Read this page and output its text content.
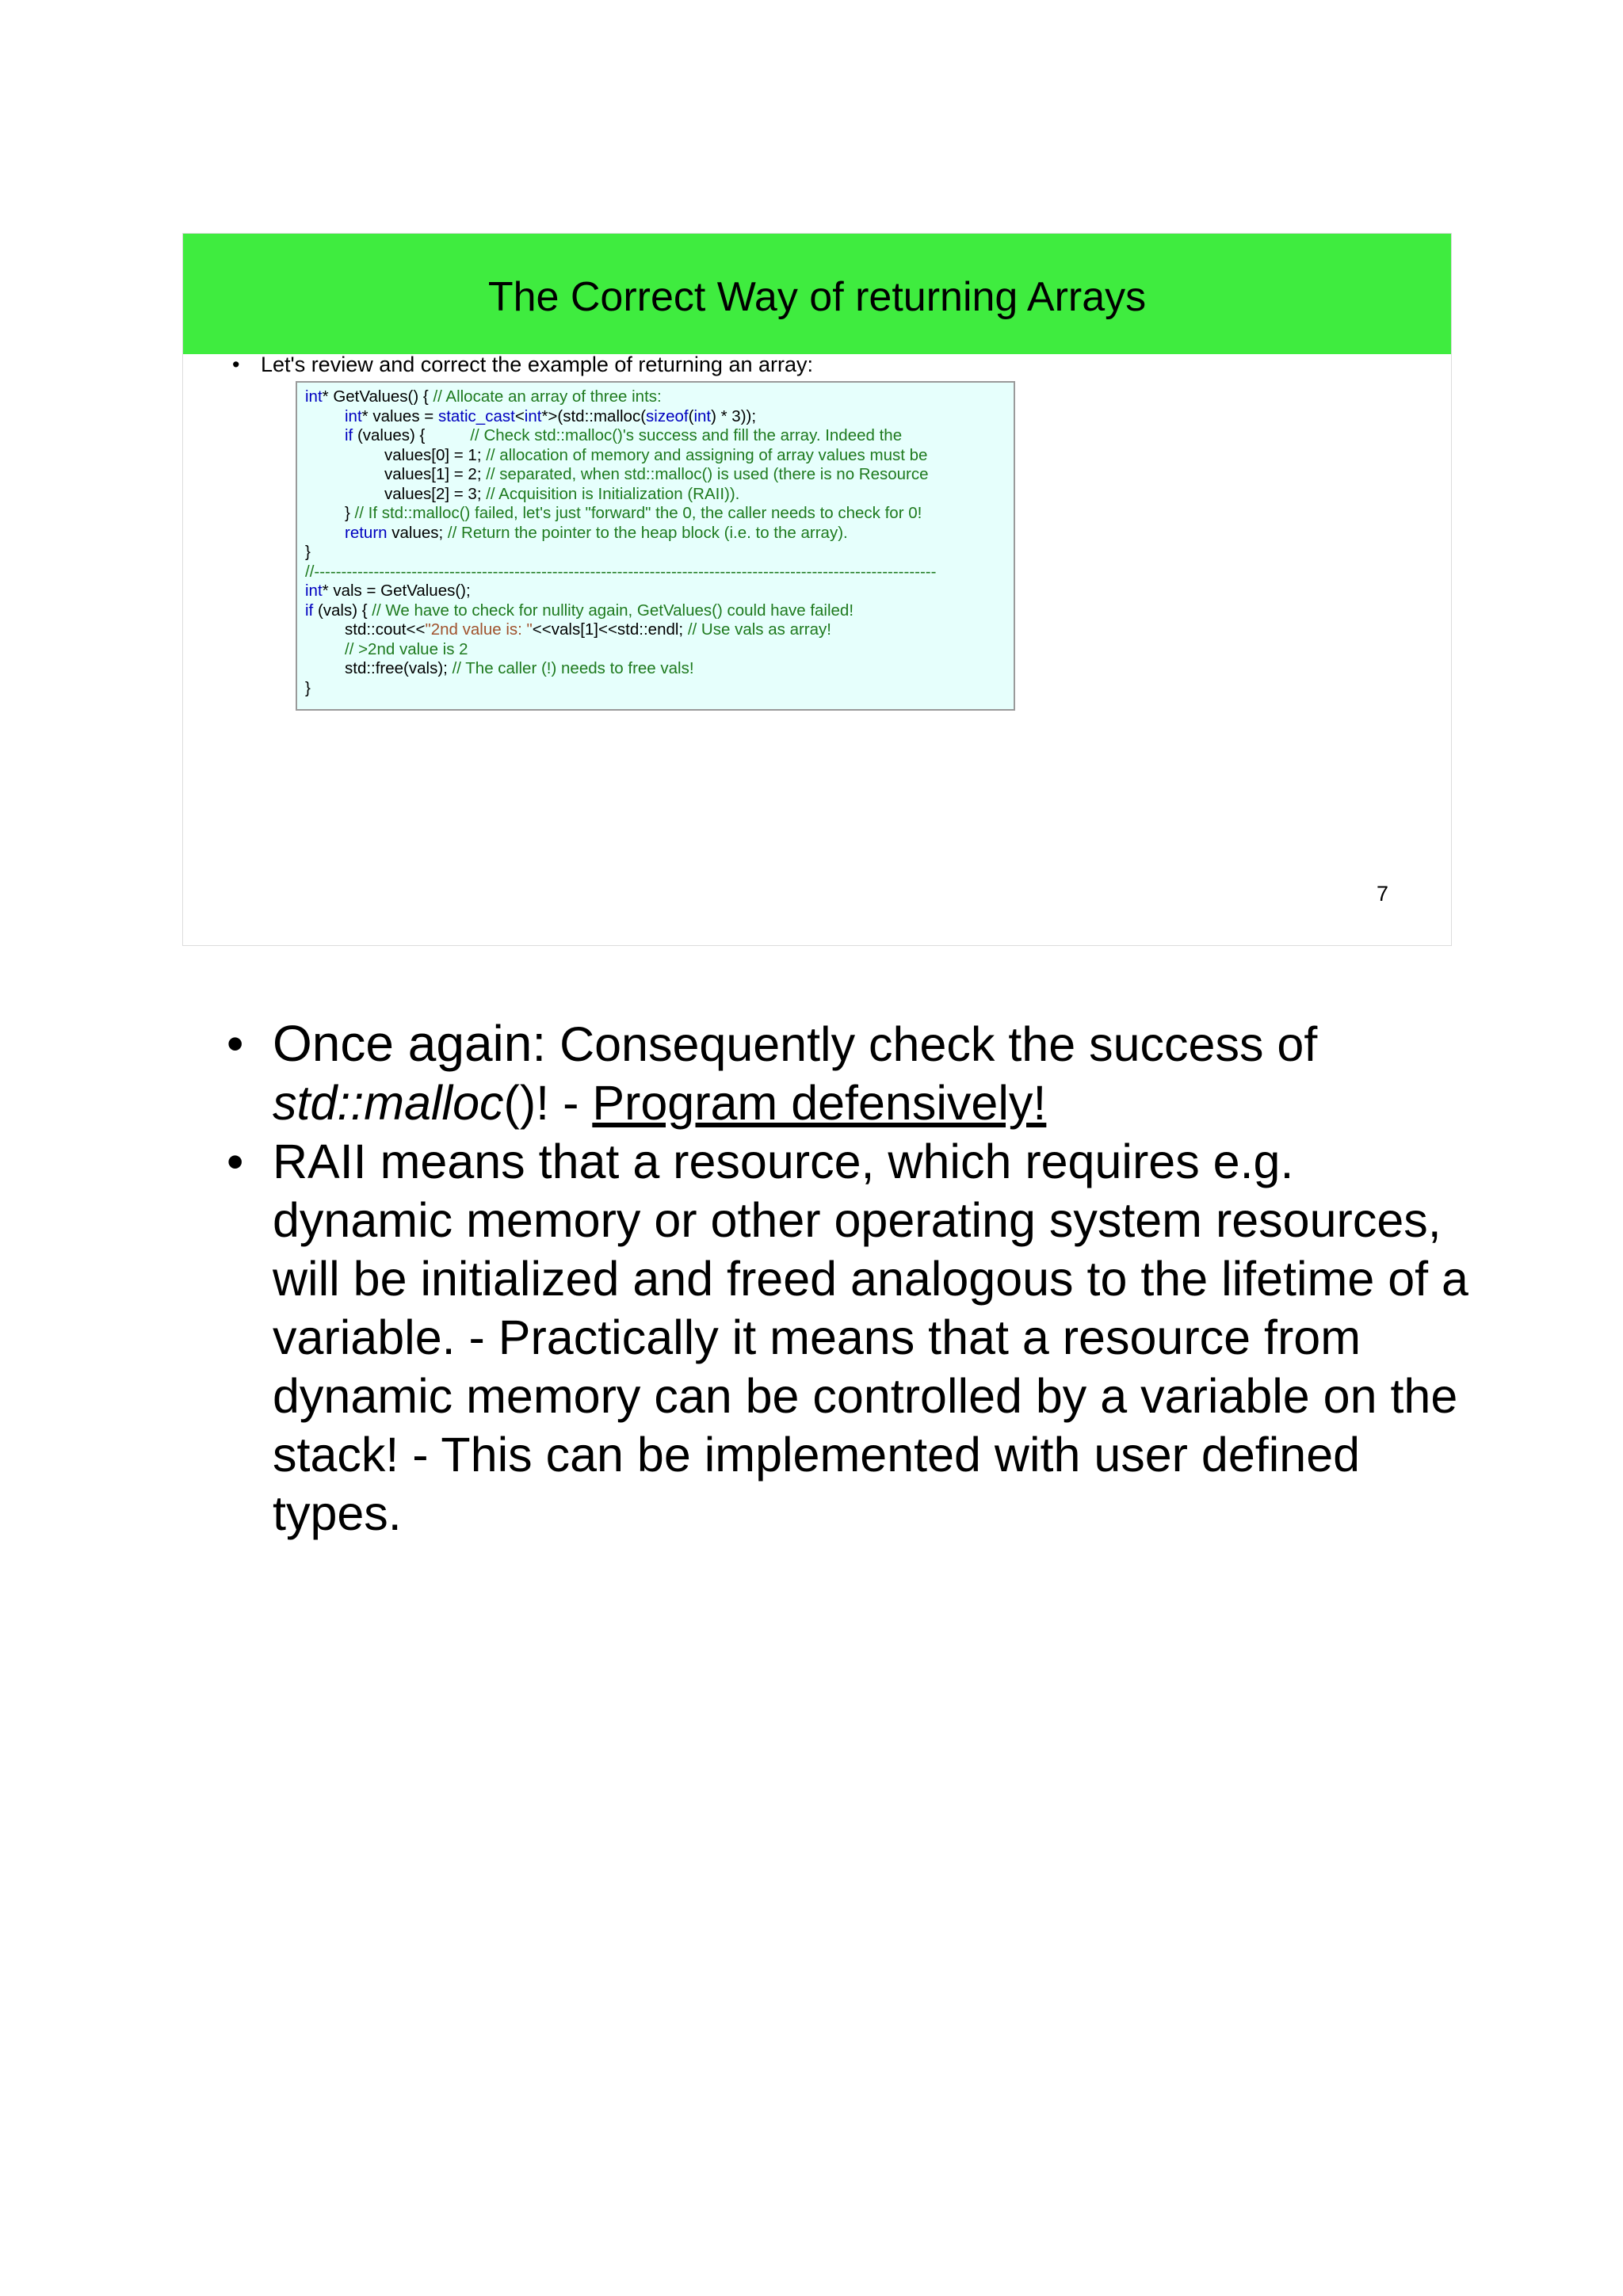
The Correct Way of returning Arrays
• Let's review and correct the example of returning an array:
int* GetValues() { // Allocate an array of three ints:
int* values = static_cast<int*>(std::malloc(sizeof(int) * 3));
if (values) {          // Check std::malloc()'s success and fill the array. Indeed the
values[0] = 1; // allocation of memory and assigning of array values must be
values[1] = 2; // separated, when std::malloc() is used (there is no Resource
values[2] = 3; // Acquisition is Initialization (RAII)).
} // If std::malloc() failed, let's just "forward" the 0, the caller needs to check for 0!
return values; // Return the pointer to the heap block (i.e. to the array).
}
//-------------------------------------------------------------------------------------------------------------------
int* vals = GetValues();
if (vals) { // We have to check for nullity again, GetValues() could have failed!
std::cout<<"2nd value is: "<<vals[1]<<std::endl; // Use vals as array!
// >2nd value is 2
std::free(vals); // The caller (!) needs to free vals!
}
7
• Once again: Consequently check the success of std::malloc()! - Program defensively!
• RAII means that a resource, which requires e.g. dynamic memory or other operating system resources, will be initialized and freed analogous to the lifetime of a variable. - Practically it means that a resource from dynamic memory can be controlled by a variable on the stack! - This can be implemented with user defined types.
